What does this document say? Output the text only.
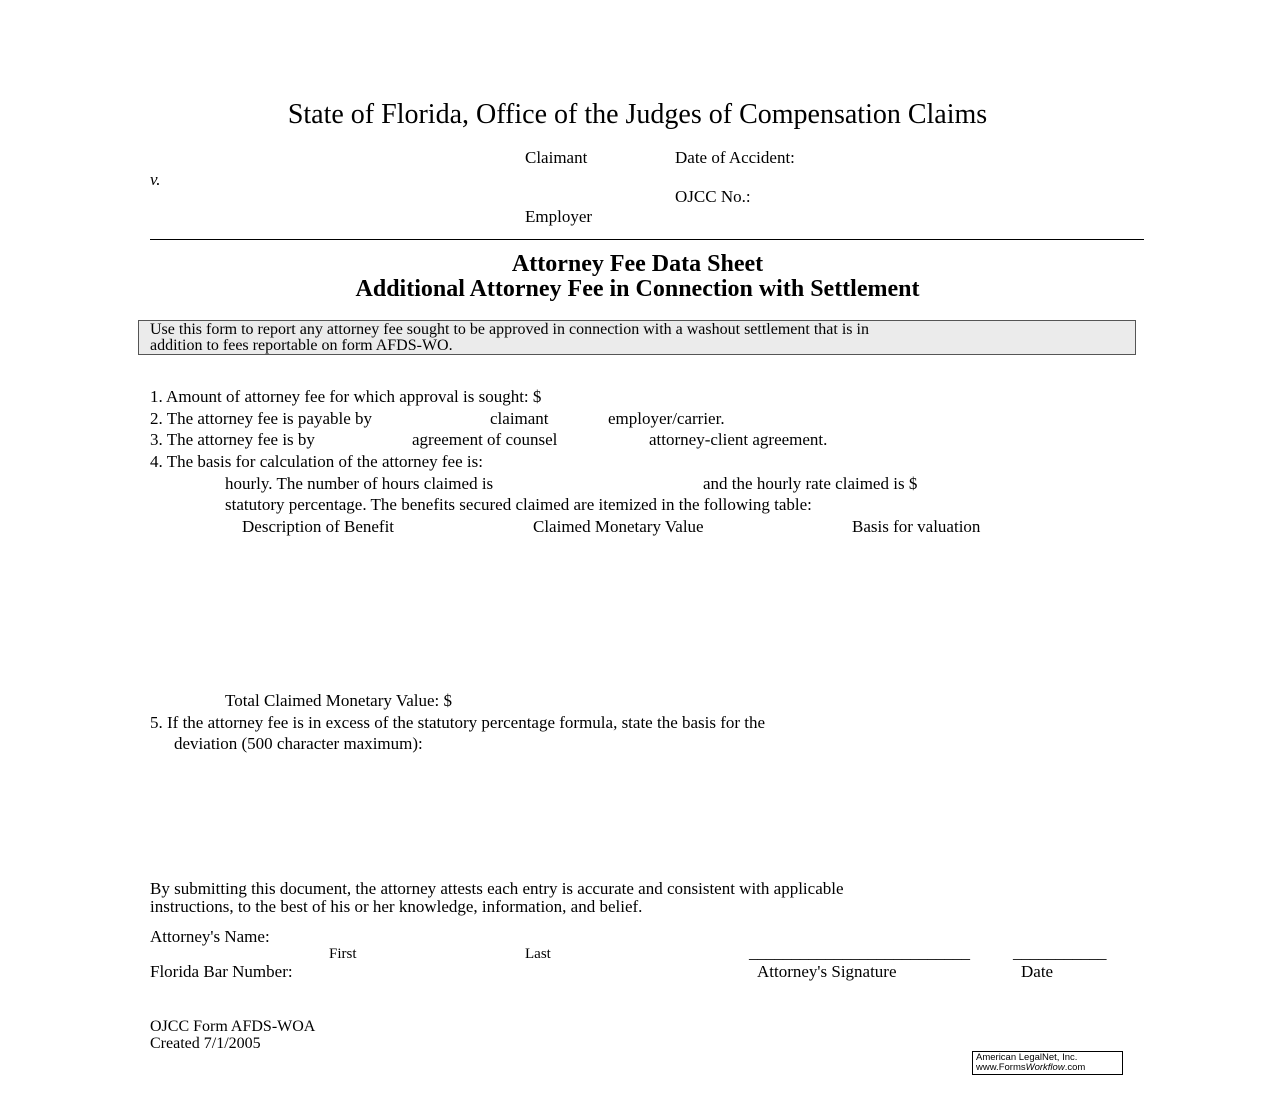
State of Florida, Office of the Judges of Compensation Claims
Claimant	Date of Accident:
v.
OJCC No.:
Employer
Attorney Fee Data Sheet
Additional Attorney Fee in Connection with Settlement
Use this form to report any attorney fee sought to be approved in connection with a washout settlement that is in
addition to fees reportable on form AFDS-WO.
1. Amount of attorney fee for which approval is sought: $
2. The attorney fee is payable by	claimant	employer/carrier.
3. The attorney fee is by	agreement of counsel	attorney-client agreement.
4. The basis for calculation of the attorney fee is:
hourly. The number of hours claimed is	and the hourly rate claimed is $
statutory percentage. The benefits secured claimed are itemized in the following table:
Description of Benefit	Claimed Monetary Value	Basis for valuation
Total Claimed Monetary Value: $
5. If the attorney fee is in excess of the statutory percentage formula, state the basis for the
deviation (500 character maximum):
By submitting this document, the attorney attests each entry is accurate and consistent with applicable
instructions, to the best of his or her knowledge, information, and belief.
Attorney's Name:
First	Last	__________________________	___________
Florida Bar Number:	Attorney's Signature	Date
OJCC Form AFDS-WOA
Created 7/1/2005
American LegalNet, Inc.
www.FormsWorkflow.com
